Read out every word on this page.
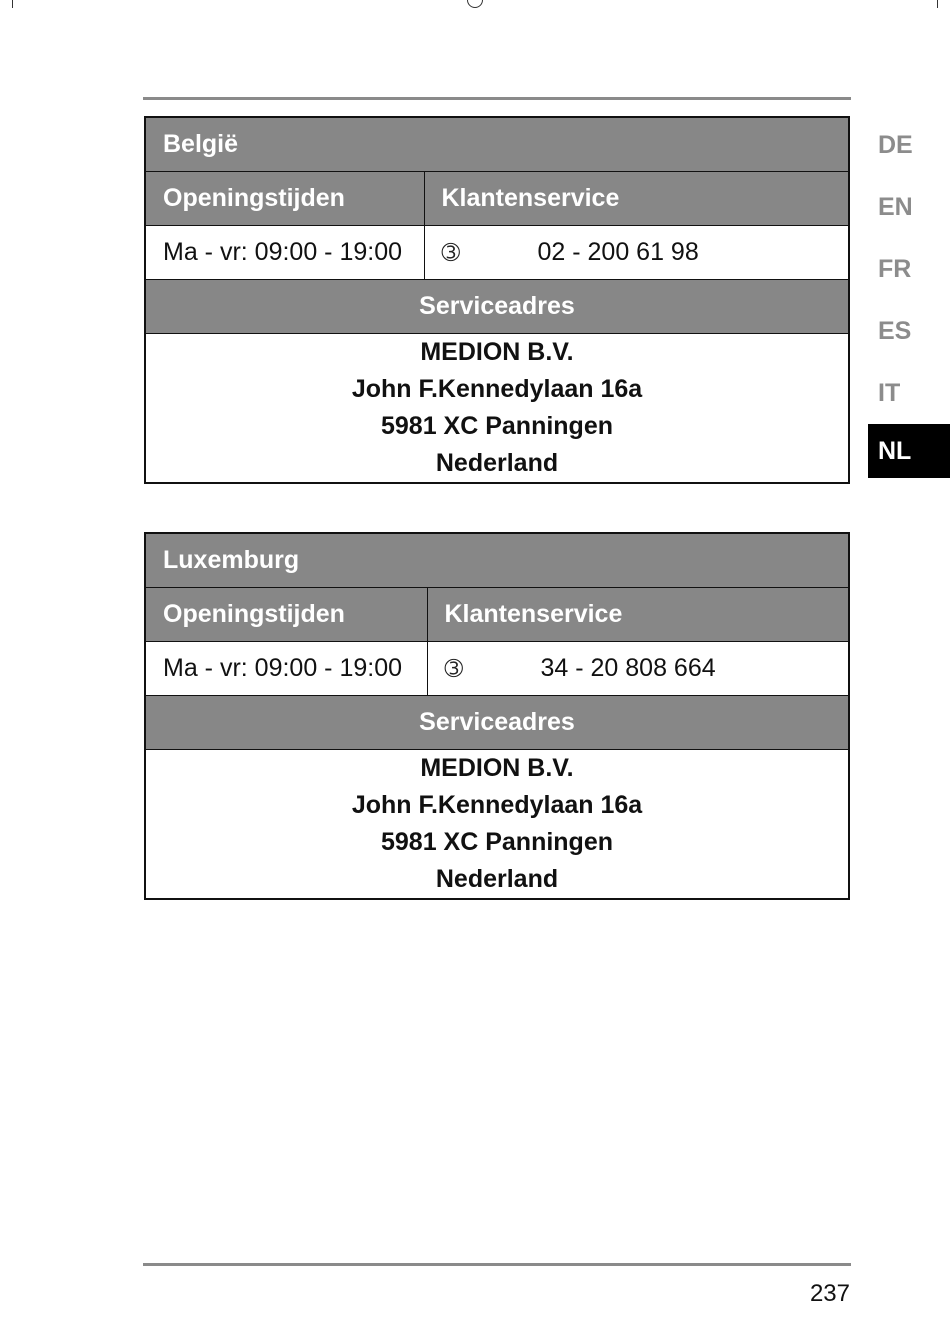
België	
Openingstijden	Klantenservice
Ma - vr: 09:00 - 19:00	➂ 02 - 200 61 98
Serviceadres	

MEDION B.V.
John F.Kennedylaan 16a
5981 XC Panningen
Nederland	
Luxemburg	
Openingstijden	Klantenservice
Ma - vr: 09:00 - 19:00	➂ 34 - 20 808 664
Serviceadres	

MEDION B.V.
John F.Kennedylaan 16a
5981 XC Panningen
Nederland	
DE
EN
FR
ES
IT
NL
237
